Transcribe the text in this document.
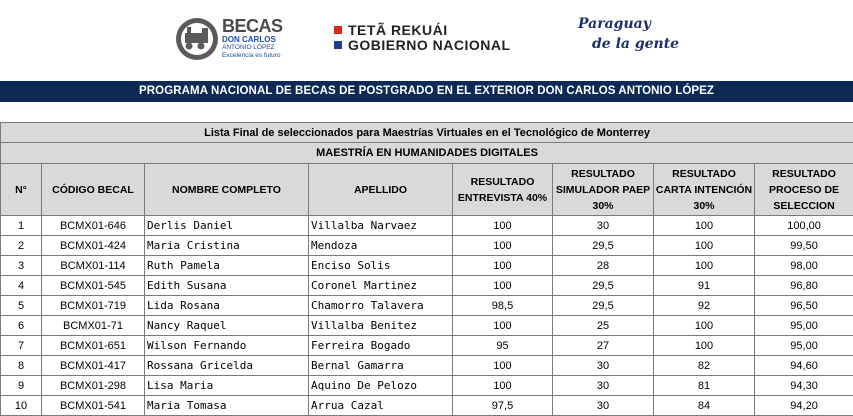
BECAS
DON CARLOS
ANTONIO LÓPEZ
Excelencia es futuro
TETÃ REKUÁI
GOBIERNO NACIONAL
Paraguay
de la gente
PROGRAMA NACIONAL DE BECAS DE POSTGRADO EN EL EXTERIOR DON CARLOS ANTONIO LÓPEZ
Lista Final de seleccionados para Maestrías Virtuales en el Tecnológico de Monterrey							
MAESTRÍA EN HUMANIDADES DIGITALES							
N°	CÓDIGO BECAL	NOMBRE COMPLETO	APELLIDO	RESULTADO ENTREVISTA 40%	RESULTADO SIMULADOR PAEP 30%	RESULTADO CARTA INTENCIÓN 30%	RESULTADO PROCESO DE SELECCION
1	BCMX01-646	Derlis Daniel	Villalba Narvaez	100	30	100	100,00
2	BCMX01-424	Maria Cristina	Mendoza	100	29,5	100	99,50
3	BCMX01-114	Ruth Pamela	Enciso Solis	100	28	100	98,00
4	BCMX01-545	Edith Susana	Coronel Martinez	100	29,5	91	96,80
5	BCMX01-719	Lida Rosana	Chamorro Talavera	98,5	29,5	92	96,50
6	BCMX01-71	Nancy Raquel	Villalba Benitez	100	25	100	95,00
7	BCMX01-651	Wilson Fernando	Ferreira Bogado	95	27	100	95,00
8	BCMX01-417	Rossana Gricelda	Bernal Gamarra	100	30	82	94,60
9	BCMX01-298	Lisa Maria	Aquino De Pelozo	100	30	81	94,30
10	BCMX01-541	Maria Tomasa	Arrua Cazal	97,5	30	84	94,20
